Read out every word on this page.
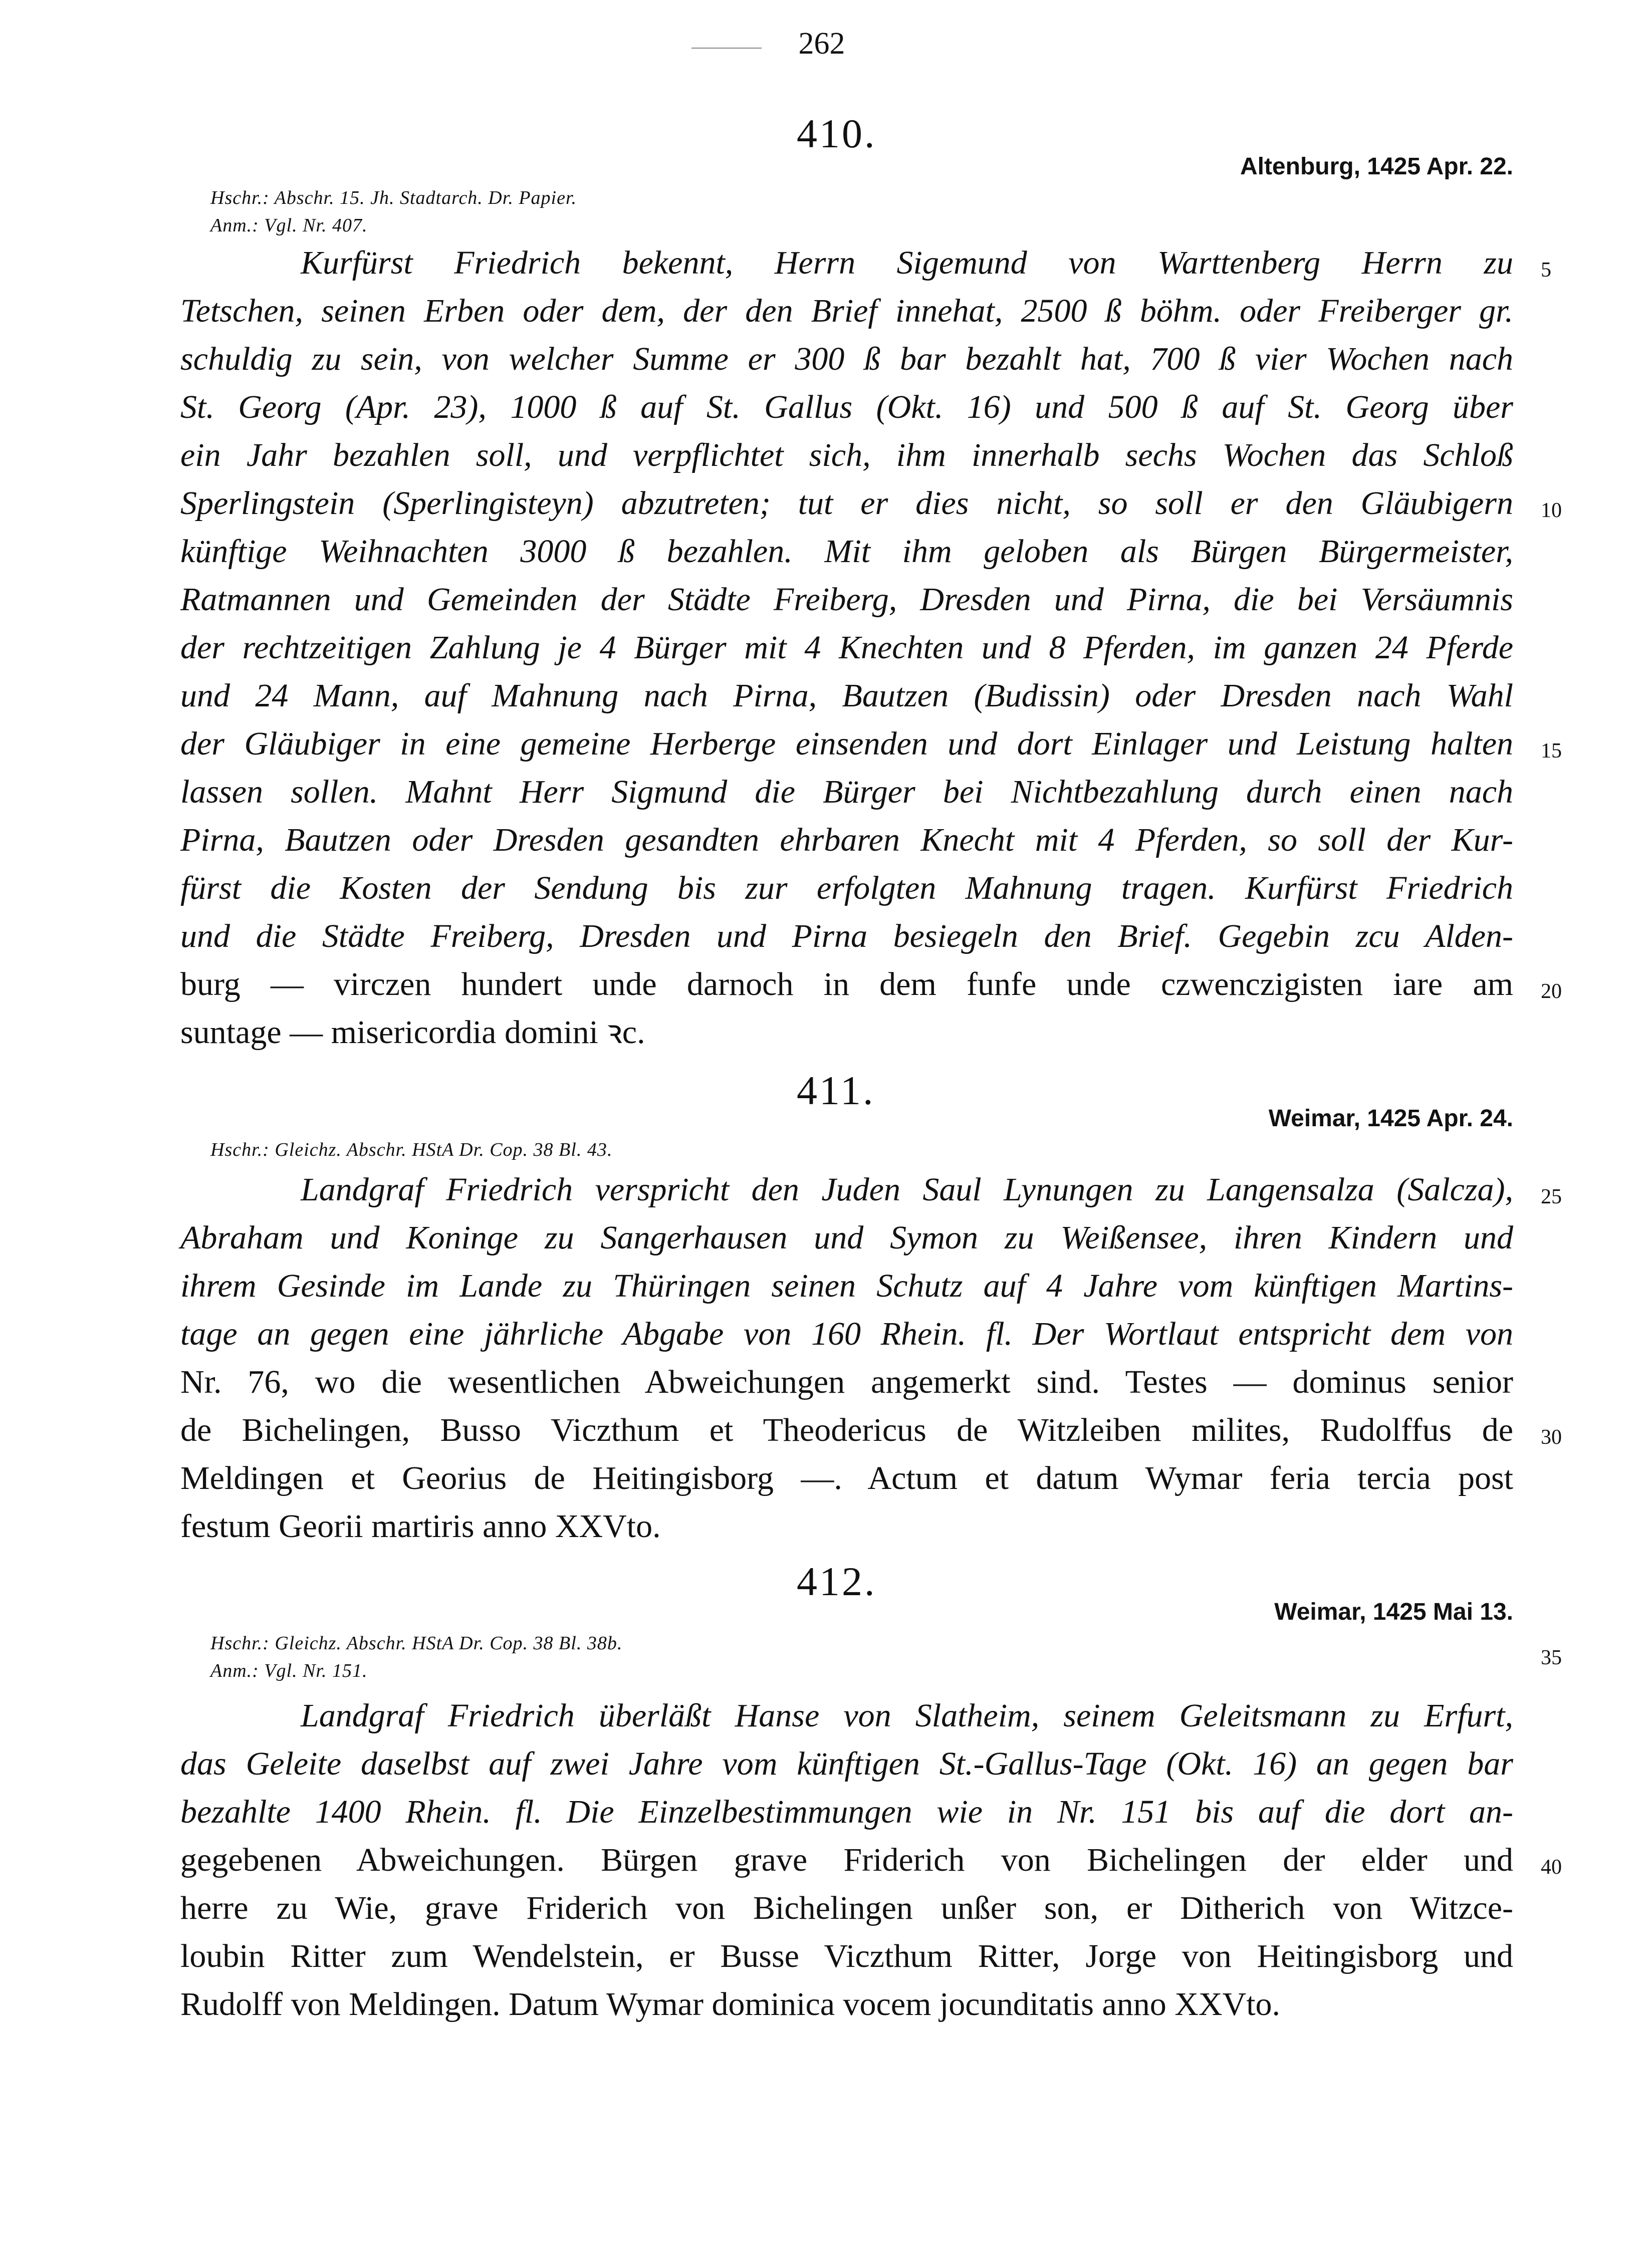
262
410.
Altenburg, 1425 Apr. 22.
Hschr.: Abschr. 15. Jh. Stadtarch. Dr. Papier.
Anm.: Vgl. Nr. 407.
Kurfürst Friedrich bekennt, Herrn Sigemund von Warttenberg Herrn zu
Tetschen, seinen Erben oder dem, der den Brief innehat, 2500 ß böhm. oder Freiberger gr.
schuldig zu sein, von welcher Summe er 300 ß bar bezahlt hat, 700 ß vier Wochen nach
St. Georg (Apr. 23), 1000 ß auf St. Gallus (Okt. 16) und 500 ß auf St. Georg über
ein Jahr bezahlen soll, und verpflichtet sich, ihm innerhalb sechs Wochen das Schloß
Sperlingstein (Sperlingisteyn) abzutreten; tut er dies nicht, so soll er den Gläubigern
künftige Weihnachten 3000 ß bezahlen. Mit ihm geloben als Bürgen Bürgermeister,
Ratmannen und Gemeinden der Städte Freiberg, Dresden und Pirna, die bei Versäumnis
der rechtzeitigen Zahlung je 4 Bürger mit 4 Knechten und 8 Pferden, im ganzen 24 Pferde
und 24 Mann, auf Mahnung nach Pirna, Bautzen (Budissin) oder Dresden nach Wahl
der Gläubiger in eine gemeine Herberge einsenden und dort Einlager und Leistung halten
lassen sollen. Mahnt Herr Sigmund die Bürger bei Nichtbezahlung durch einen nach
Pirna, Bautzen oder Dresden gesandten ehrbaren Knecht mit 4 Pferden, so soll der Kur-
fürst die Kosten der Sendung bis zur erfolgten Mahnung tragen. Kurfürst Friedrich
und die Städte Freiberg, Dresden und Pirna besiegeln den Brief. Gegebin zcu Alden-
burg — virczen hundert unde darnoch in dem funfe unde czwenczigisten iare am
suntage — misericordia domini ꝛc.
411.
Weimar, 1425 Apr. 24.
Hschr.: Gleichz. Abschr. HStA Dr. Cop. 38 Bl. 43.
Landgraf Friedrich verspricht den Juden Saul Lynungen zu Langensalza (Salcza),
Abraham und Koninge zu Sangerhausen und Symon zu Weißensee, ihren Kindern und
ihrem Gesinde im Lande zu Thüringen seinen Schutz auf 4 Jahre vom künftigen Martins-
tage an gegen eine jährliche Abgabe von 160 Rhein. fl. Der Wortlaut entspricht dem von
Nr. 76, wo die wesentlichen Abweichungen angemerkt sind. Testes — dominus senior
de Bichelingen, Busso Viczthum et Theodericus de Witzleiben milites, Rudolffus de
Meldingen et Georius de Heitingisborg —. Actum et datum Wymar feria tercia post
festum Georii martiris anno XXVto.
412.
Weimar, 1425 Mai 13.
Hschr.: Gleichz. Abschr. HStA Dr. Cop. 38 Bl. 38b.
Anm.: Vgl. Nr. 151.
Landgraf Friedrich überläßt Hanse von Slatheim, seinem Geleitsmann zu Erfurt,
das Geleite daselbst auf zwei Jahre vom künftigen St.-Gallus-Tage (Okt. 16) an gegen bar
bezahlte 1400 Rhein. fl. Die Einzelbestimmungen wie in Nr. 151 bis auf die dort an-
gegebenen Abweichungen. Bürgen grave Friderich von Bichelingen der elder und
herre zu Wie, grave Friderich von Bichelingen unßer son, er Ditherich von Witzce-
loubin Ritter zum Wendelstein, er Busse Viczthum Ritter, Jorge von Heitingisborg und
Rudolff von Meldingen. Datum Wymar dominica vocem jocunditatis anno XXVto.
5
10
15
20
25
30
35
40
